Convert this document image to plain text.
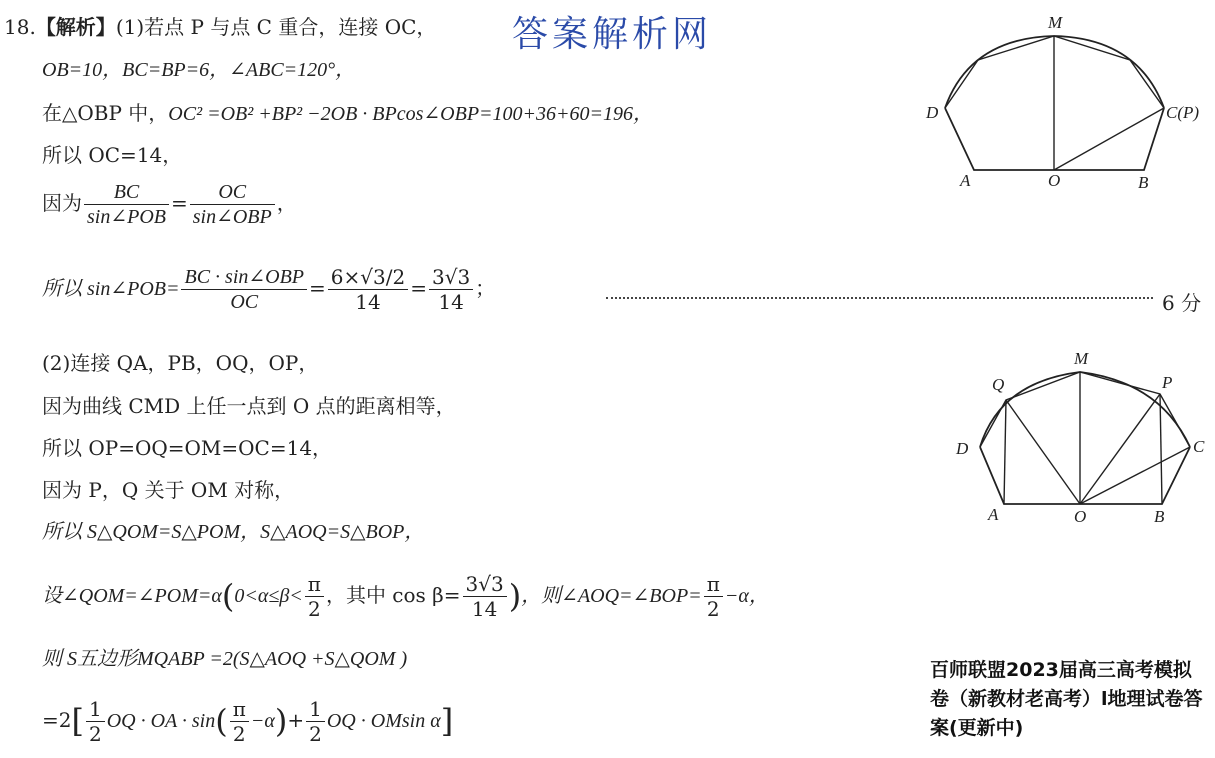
答案解析网
18.【解析】(1)若点 P 与点 C 重合，连接 OC，
OB=10，BC=BP=6，∠ABC=120°，
在△OBP 中，OC² =OB² +BP² −2OB · BPcos∠OBP=100+36+60=196，
所以 OC=14，
因为 $\frac{BC}{\text{sin∠POB}} = \frac{OC}{\text{sin∠OBP}}$ ，
所以 sin∠POB= $\frac{\text{BC · sin∠OBP}}{OC} = \frac{6\times√3/2}{14} = \frac{3√3}{14}$ ；
6 分
(2)连接 QA，PB，OQ，OP，
因为曲线 CMD 上任一点到 O 点的距离相等，
所以 OP=OQ=OM=OC=14，
因为 P，Q 关于 OM 对称，
所以 S△QOM=S△POM，S△AOQ=S△BOP，
设∠QOM=∠POM=α(0<α≤β< $\frac{\pi}{2}$ ，其中 $\cos \beta= \frac{3√3}{14}$ )，则∠AOQ=∠BOP= $\frac{\pi}{2} -\alpha$，
则 S五边形MQABP =2(S△AOQ +S△QOM )
$=2[ \frac{1}{2}$ OQ · OA · $\sin( \frac{\pi}{2} -\alpha)+ \frac{1}{2}$ OQ · OMsin α]
M
D	C(P)
A	O	B
M
Q	P
D	C
A	O	B
百师联盟2023届高三高考模拟卷（新教材老高考）l地理试卷答案(更新中)
